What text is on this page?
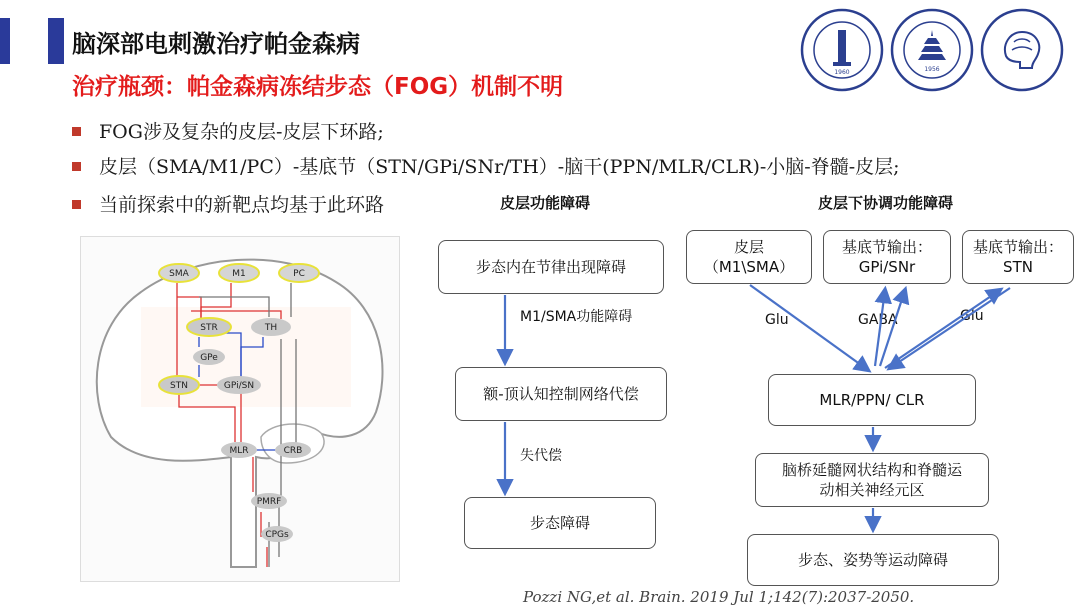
脑深部电刺激治疗帕金森病
治疗瓶颈：帕金森病冻结步态（FOG）机制不明
1960	1956
FOG涉及复杂的皮层-皮层下环路;
皮层（SMA/M1/PC）-基底节（STN/GPi/SNr/TH）-脑干(PPN/MLR/CLR)-小脑-脊髓-皮层;
当前探索中的新靶点均基于此环路
SMA	M1	PC
STR	TH
GPe
STN	GPi/SN
MLR	CRB
PMRF
CPGs
皮层功能障碍
步态内在节律出现障碍
M1/SMA功能障碍
额-顶认知控制网络代偿
失代偿
步态障碍
皮层下协调功能障碍
皮层
（M1\SMA）
基底节输出：
GPi/SNr
基底节输出：
STN
Glu	GABA	Glu
MLR/PPN/ CLR
脑桥延髓网状结构和脊髓运
动相关神经元区
步态、姿势等运动障碍
Pozzi NG,et al. Brain. 2019 Jul 1;142(7):2037-2050.
